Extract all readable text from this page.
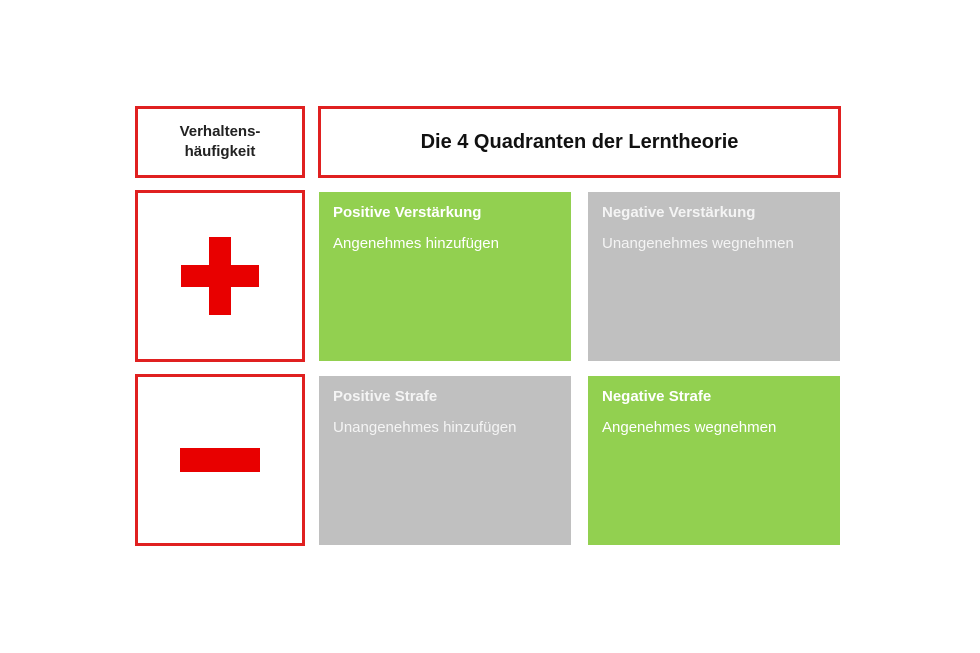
Verhaltens-
häufigkeit	Die 4 Quadranten der Lerntheorie
Positive Verstärkung
Angenehmes hinzufügen
Negative Verstärkung
Unangenehmes wegnehmen
Positive Strafe
Unangenehmes hinzufügen
Negative Strafe
Angenehmes wegnehmen
